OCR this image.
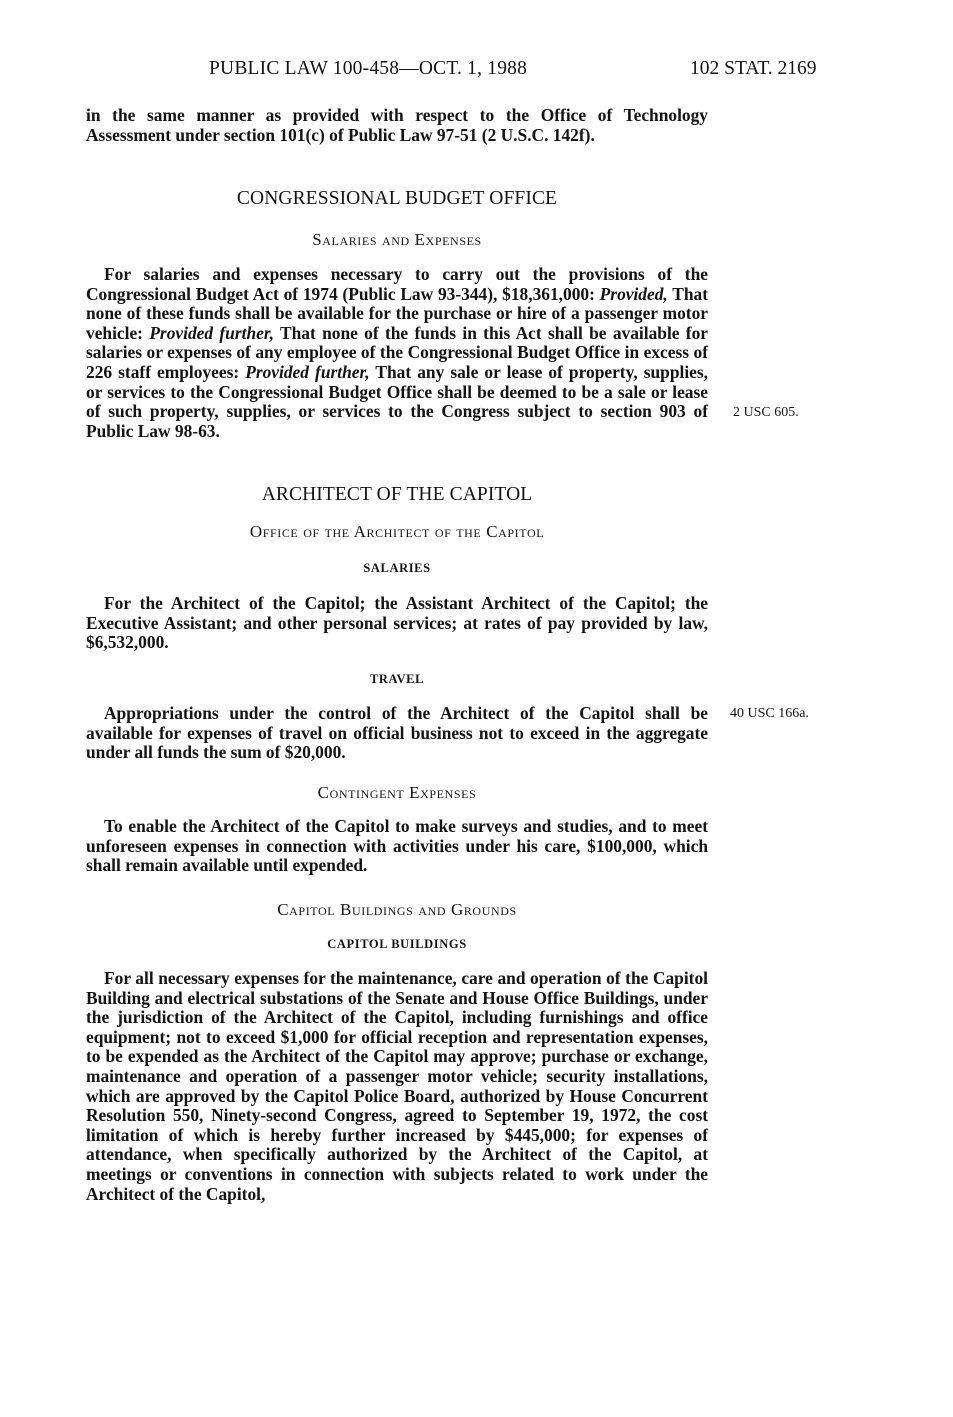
PUBLIC LAW 100-458—OCT. 1, 1988	102 STAT. 2169

in the same manner as provided with respect to the Office of Technology Assessment under section 101(c) of Public Law 97-51 (2 U.S.C. 142f).

CONGRESSIONAL BUDGET OFFICE
Salaries and Expenses

For salaries and expenses necessary to carry out the provisions of the Congressional Budget Act of 1974 (Public Law 93-344), $18,361,000: Provided, That none of these funds shall be available for the purchase or hire of a passenger motor vehicle: Provided further, That none of the funds in this Act shall be available for salaries or expenses of any employee of the Congressional Budget Office in excess of 226 staff employees: Provided further, That any sale or lease of property, supplies, or services to the Congressional Budget Office shall be deemed to be a sale or lease of such property, supplies, or services to the Congress subject to section 903 of Public Law 98-63.

2 USC 605.
ARCHITECT OF THE CAPITOL
Office of the Architect of the Capitol
SALARIES

For the Architect of the Capitol; the Assistant Architect of the Capitol; the Executive Assistant; and other personal services; at rates of pay provided by law, $6,532,000.

TRAVEL

Appropriations under the control of the Architect of the Capitol shall be available for expenses of travel on official business not to exceed in the aggregate under all funds the sum of $20,000.

40 USC 166a.
Contingent Expenses

To enable the Architect of the Capitol to make surveys and studies, and to meet unforeseen expenses in connection with activities under his care, $100,000, which shall remain available until expended.

Capitol Buildings and Grounds
CAPITOL BUILDINGS

For all necessary expenses for the maintenance, care and operation of the Capitol Building and electrical substations of the Senate and House Office Buildings, under the jurisdiction of the Architect of the Capitol, including furnishings and office equipment; not to exceed $1,000 for official reception and representation expenses, to be expended as the Architect of the Capitol may approve; purchase or exchange, maintenance and operation of a passenger motor vehicle; security installations, which are approved by the Capitol Police Board, authorized by House Concurrent Resolution 550, Ninety-second Congress, agreed to September 19, 1972, the cost limitation of which is hereby further increased by $445,000; for expenses of attendance, when specifically authorized by the Architect of the Capitol, at meetings or conventions in connection with subjects related to work under the Architect of the Capitol,
